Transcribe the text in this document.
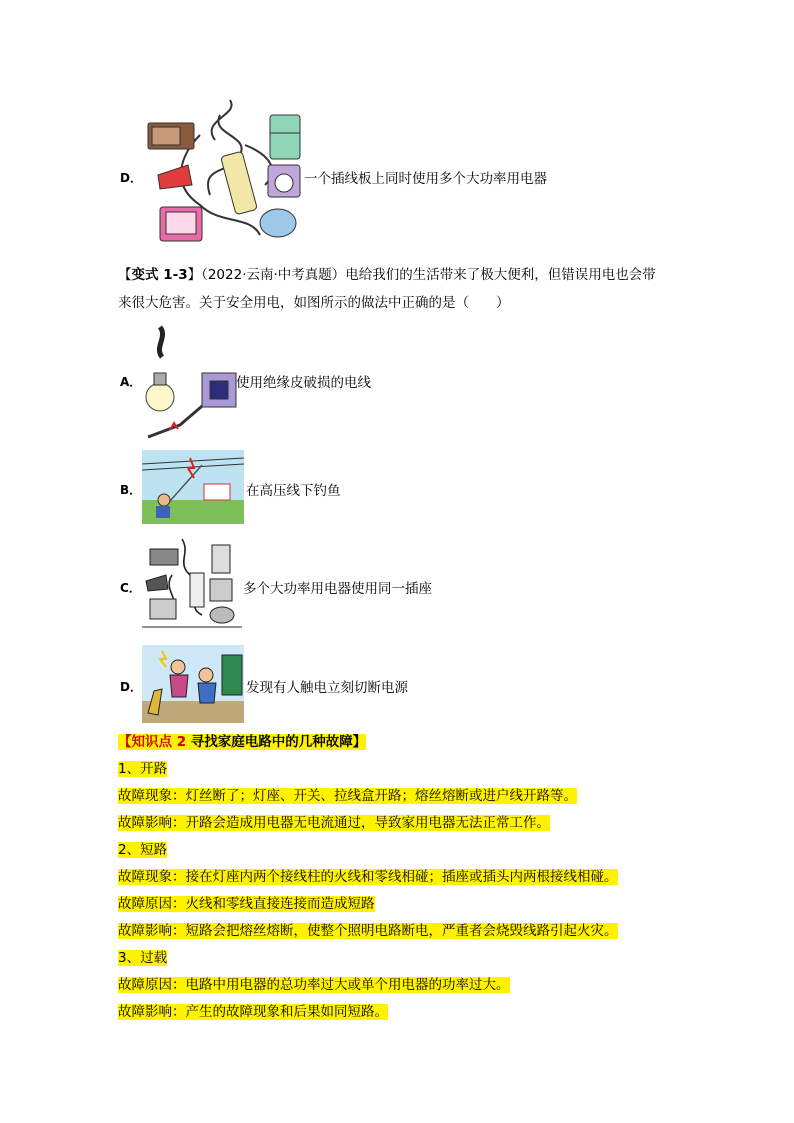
D．	一个插线板上同时使用多个大功率用电器
【变式 1-3】（2022·云南·中考真题）电给我们的生活带来了极大便利，但错误用电也会带
来很大危害。关于安全用电，如图所示的做法中正确的是（　　）
A．	使用绝缘皮破损的电线
B．	在高压线下钓鱼
C．	多个大功率用电器使用同一插座
D．	发现有人触电立刻切断电源
【知识点 2 寻找家庭电路中的几种故障】
1、开路
故障现象：灯丝断了；灯座、开关、拉线盒开路；熔丝熔断或进户线开路等。
故障影响：开路会造成用电器无电流通过，导致家用电器无法正常工作。
2、短路
故障现象：接在灯座内两个接线柱的火线和零线相碰；插座或插头内两根接线相碰。
故障原因：火线和零线直接连接而造成短路
故障影响：短路会把熔丝熔断，使整个照明电路断电，严重者会烧毁线路引起火灾。
3、过载
故障原因：电路中用电器的总功率过大或单个用电器的功率过大。
故障影响：产生的故障现象和后果如同短路。
